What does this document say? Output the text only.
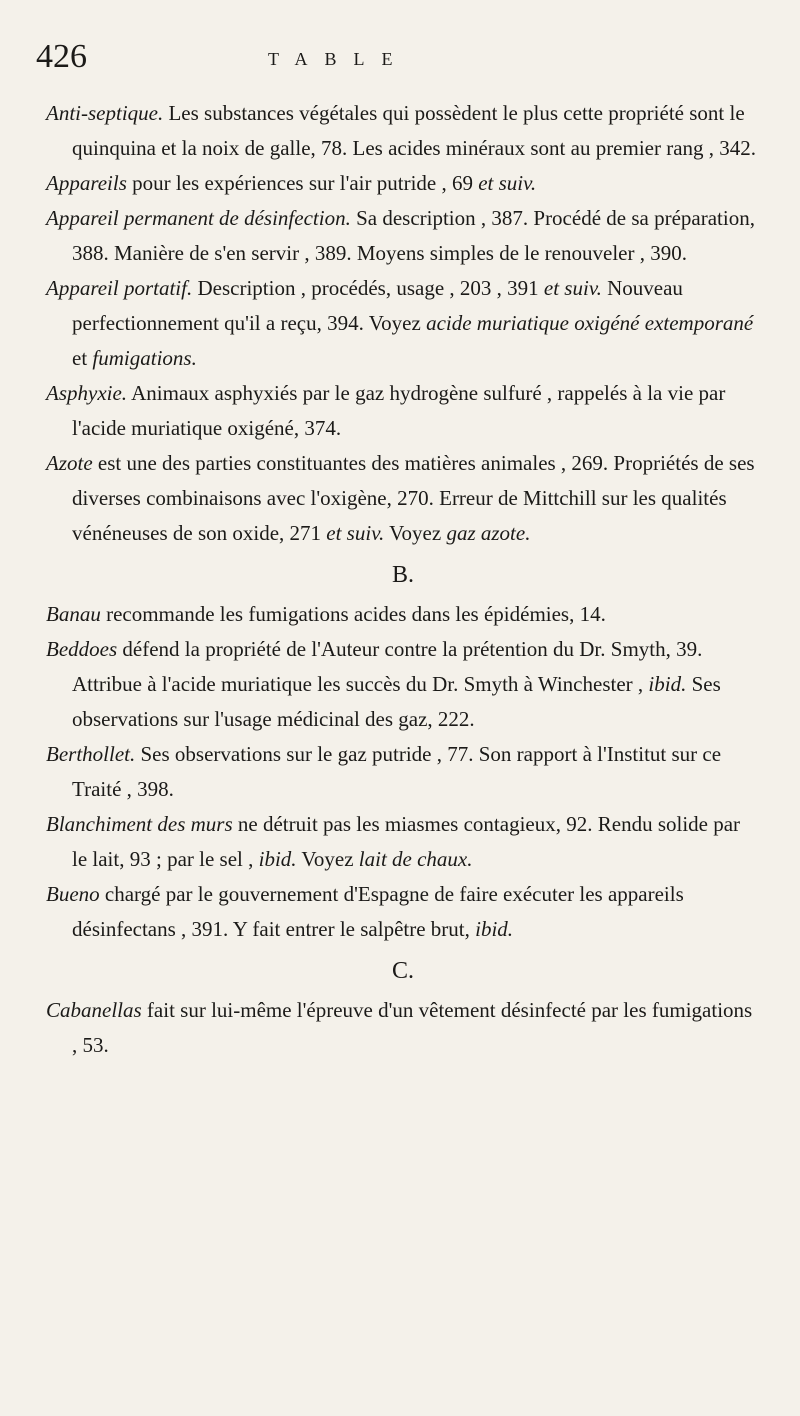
426	TABLE

Anti-septique. Les substances végétales qui possèdent le plus cette propriété sont le quinquina et la noix de galle, 78. Les acides minéraux sont au premier rang , 342.

Appareils pour les expériences sur l'air putride , 69 et suiv.

Appareil permanent de désinfection. Sa description , 387. Procédé de sa préparation, 388. Manière de s'en servir , 389. Moyens simples de le renouveler , 390.

Appareil portatif. Description , procédés, usage , 203 , 391 et suiv. Nouveau perfectionnement qu'il a reçu, 394. Voyez acide muriatique oxigéné extemporané et fumigations.

Asphyxie. Animaux asphyxiés par le gaz hydrogène sulfuré , rappelés à la vie par l'acide muriatique oxigéné, 374.

Azote est une des parties constituantes des matières animales , 269. Propriétés de ses diverses combinaisons avec l'oxigène, 270. Erreur de Mittchill sur les qualités vénéneuses de son oxide, 271 et suiv. Voyez gaz azote.

B.

Banau recommande les fumigations acides dans les épidémies, 14.

Beddoes défend la propriété de l'Auteur contre la prétention du Dr. Smyth, 39. Attribue à l'acide muriatique les succès du Dr. Smyth à Winchester , ibid. Ses observations sur l'usage médicinal des gaz, 222.

Berthollet. Ses observations sur le gaz putride , 77. Son rapport à l'Institut sur ce Traité , 398.

Blanchiment des murs ne détruit pas les miasmes contagieux, 92. Rendu solide par le lait, 93 ; par le sel , ibid. Voyez lait de chaux.

Bueno chargé par le gouvernement d'Espagne de faire exécuter les appareils désinfectans , 391. Y fait entrer le salpêtre brut, ibid.

C.

Cabanellas fait sur lui-même l'épreuve d'un vêtement désinfecté par les fumigations , 53.
